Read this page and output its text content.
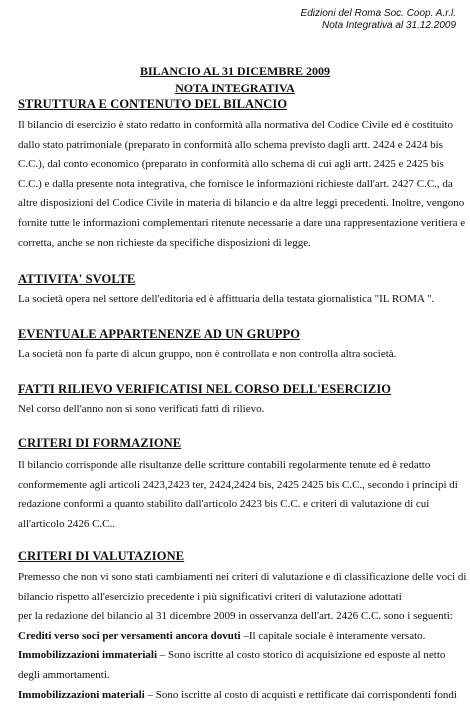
Edizioni del Roma Soc. Coop. A.r.l.
Nota Integrativa al 31.12.2009
BILANCIO AL 31 DICEMBRE 2009
NOTA INTEGRATIVA
STRUTTURA E CONTENUTO DEL BILANCIO
Il bilancio di esercizio è stato redatto in conformità alla normativa del Codice Civile ed è costituito
dallo stato patrimoniale (preparato in conformità allo schema previsto dagli artt. 2424 e 2424 bis
C.C.), dal conto economico (preparato in conformità allo schema di cui agli artt. 2425 e 2425 bis
C.C.) e dalla presente nota integrativa, che fornisce le informazioni richieste dall'art. 2427 C.C., da
altre disposizioni del Codice Civile in materia di bilancio e da altre leggi precedenti. Inoltre, vengono
fornite tutte le informazioni complementari ritenute necessarie a dare una rappresentazione veritiera e
corretta, anche se non richieste da specifiche disposizioni di legge.
ATTIVITA' SVOLTE
La società opera nel settore dell'editoria ed è affittuaria della testata giornalistica "IL ROMA ".
EVENTUALE APPARTENENZE AD UN GRUPPO
La società non fa parte di alcun gruppo, non è controllata e non controlla altra società.
FATTI RILIEVO VERIFICATISI NEL CORSO DELL'ESERCIZIO
Nel corso dell'anno non si sono verificati fatti di rilievo.
CRITERI DI FORMAZIONE
Il bilancio corrisponde alle risultanze delle scritture contabili regolarmente tenute ed è redatto
conformemente agli articoli 2423,2423 ter, 2424,2424 bis, 2425 2425 bis C.C., secondo i principi di
redazione conformi a quanto stabilito dall'articolo 2423 bis C.C. e criteri di valutazione di cui
all'articolo 2426 C.C..
CRITERI DI VALUTAZIONE
Premesso che non vi sono stati cambiamenti nei criteri di valutazione e di classificazione delle voci di
bilancio rispetto all'esercizio precedente i più significativi criteri di valutazione adottati
per la redazione del bilancio al 31 dicembre 2009 in osservanza dell'art. 2426 C.C. sono i seguenti:
Crediti verso soci per versamenti ancora dovuti –Il capitale sociale è interamente versato.
Immobilizzazioni immateriali – Sono iscritte al costo storico di acquisizione ed esposte al netto
degli ammortamenti.
Immobilizzazioni materiali – Sono iscritte al costo di acquisti e rettificate dai corrispondenti fondi
